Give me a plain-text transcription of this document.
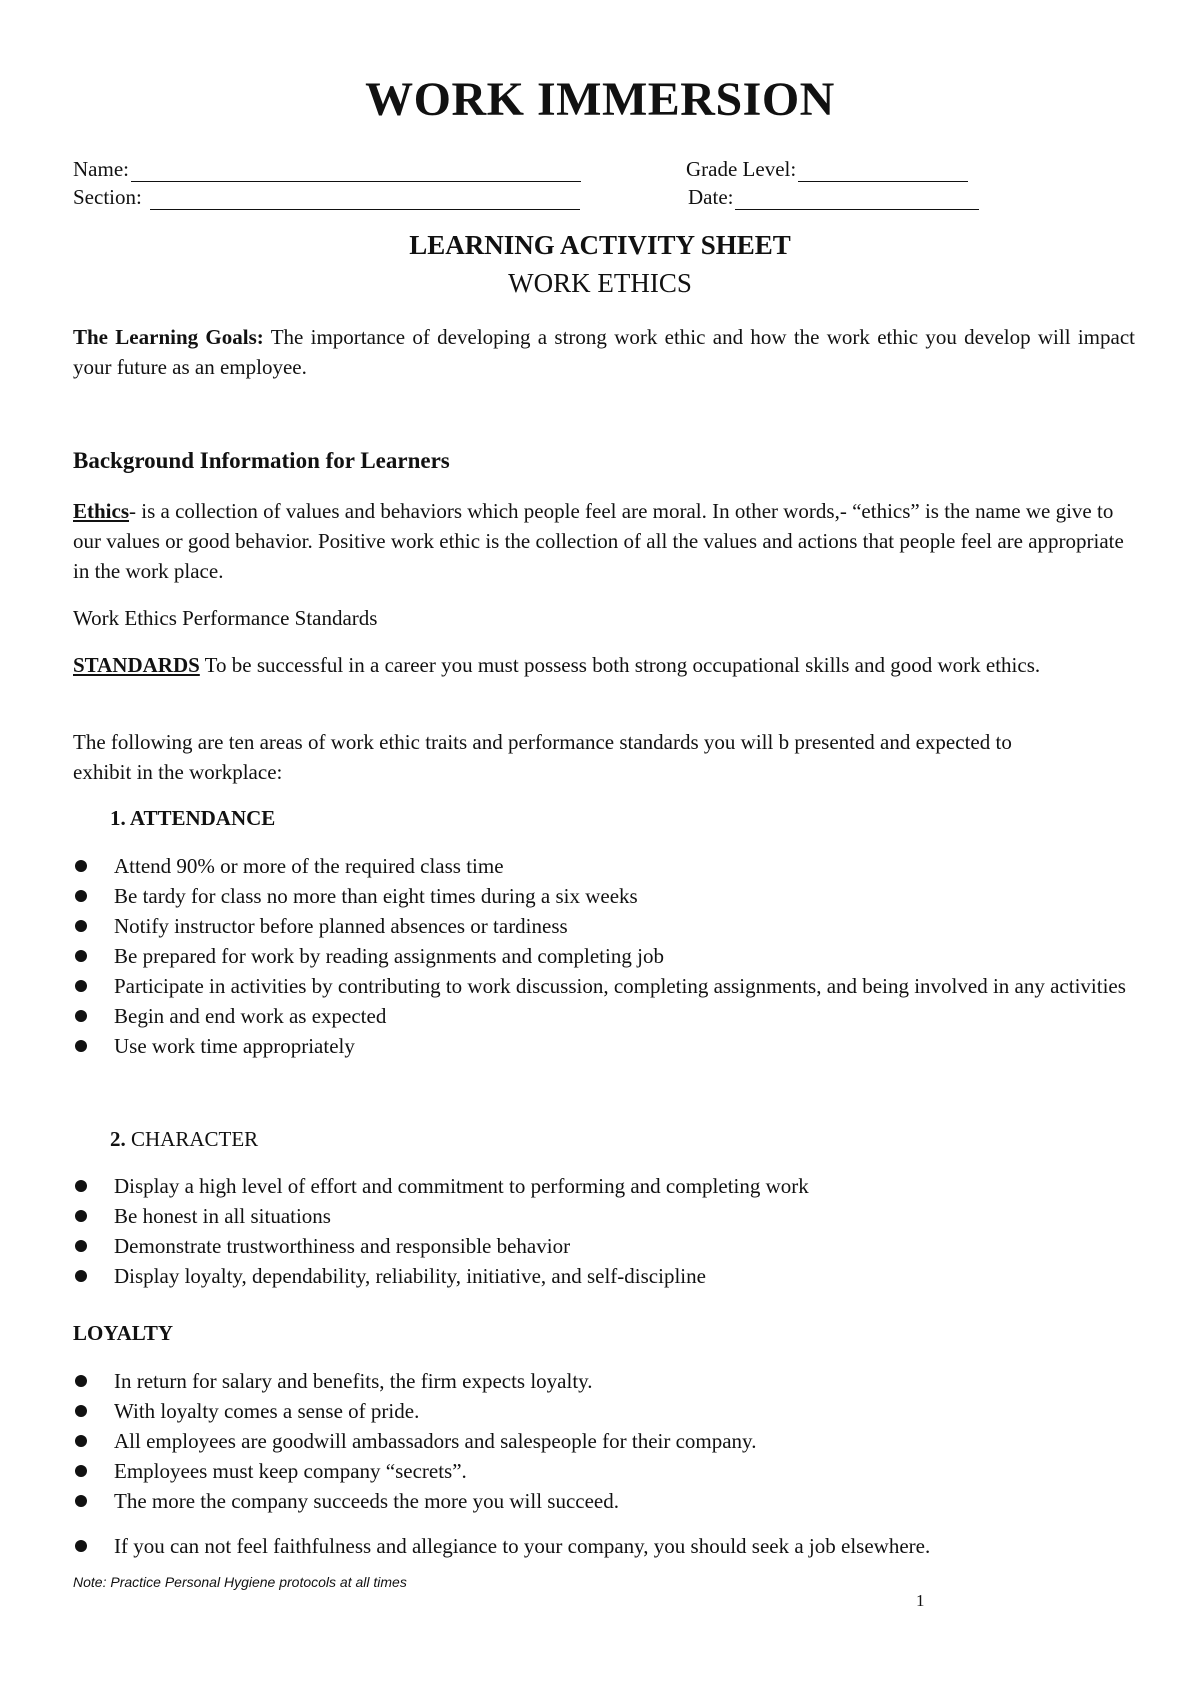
WORK IMMERSION
Name:	Grade Level:
Section:	Date:
LEARNING ACTIVITY SHEET
WORK ETHICS
The Learning Goals: The importance of developing a strong work ethic and how the work ethic you develop will impact your future as an employee.
Background Information for Learners
Ethics- is a collection of values and behaviors which people feel are moral. In other words,- “ethics” is the name we give to our values or good behavior. Positive work ethic is the collection of all the values and actions that people feel are appropriate in the work place.
Work Ethics Performance Standards
STANDARDS To be successful in a career you must possess both strong occupational skills and good work ethics.
The following are ten areas of work ethic traits and performance standards you will b presented and expected to exhibit in the workplace:
1. ATTENDANCE
Attend 90% or more of the required class time
Be tardy for class no more than eight times during a six weeks
Notify instructor before planned absences or tardiness
Be prepared for work by reading assignments and completing job
Participate in activities by contributing to work discussion, completing assignments, and being involved in any activities
Begin and end work as expected
Use work time appropriately
2. CHARACTER
Display a high level of effort and commitment to performing and completing work
Be honest in all situations
Demonstrate trustworthiness and responsible behavior
Display loyalty, dependability, reliability, initiative, and self-discipline
LOYALTY
In return for salary and benefits, the firm expects loyalty.
With loyalty comes a sense of pride.
All employees are goodwill ambassadors and salespeople for their company.
Employees must keep company “secrets”.
The more the company succeeds the more you will succeed.
If you can not feel faithfulness and allegiance to your company, you should seek a job elsewhere.
Note: Practice Personal Hygiene protocols at all times
1
